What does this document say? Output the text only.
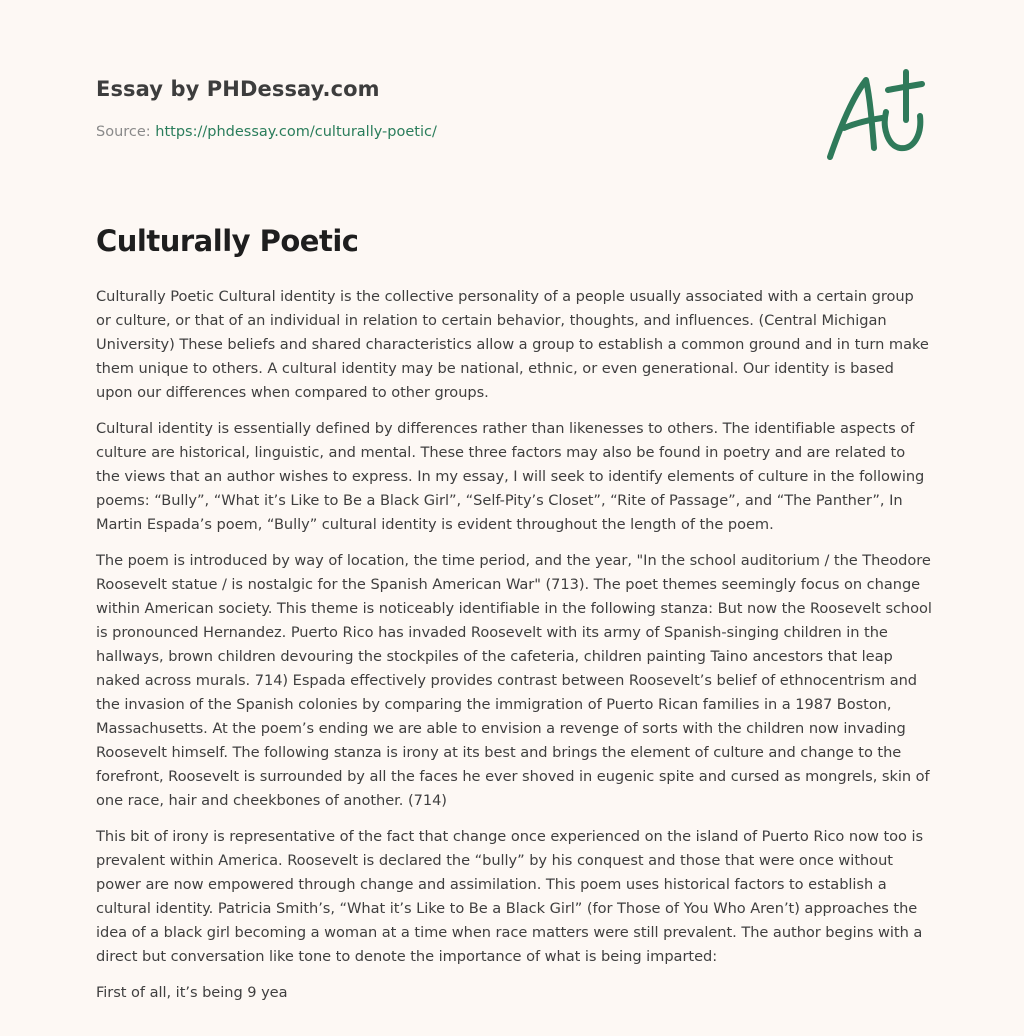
Essay by PHDessay.com
Source: https://phdessay.com/culturally-poetic/
Culturally Poetic

Culturally Poetic Cultural identity is the collective personality of a people usually associated with a certain group or culture, or that of an individual in relation to certain behavior, thoughts, and influences. (Central Michigan University) These beliefs and shared characteristics allow a group to establish a common ground and in turn make them unique to others. A cultural identity may be national, ethnic, or even generational. Our identity is based upon our differences when compared to other groups.

Cultural identity is essentially defined by differences rather than likenesses to others. The identifiable aspects of culture are historical, linguistic, and mental. These three factors may also be found in poetry and are related to the views that an author wishes to express. In my essay, I will seek to identify elements of culture in the following poems: “Bully”, “What it’s Like to Be a Black Girl”, “Self-Pity’s Closet”, “Rite of Passage”, and “The Panther”, In Martin Espada’s poem, “Bully” cultural identity is evident throughout the length of the poem.

The poem is introduced by way of location, the time period, and the year, "In the school auditorium / the Theodore Roosevelt statue / is nostalgic for the Spanish American War" (713). The poet themes seemingly focus on change within American society. This theme is noticeably identifiable in the following stanza: But now the Roosevelt school is pronounced Hernandez. Puerto Rico has invaded Roosevelt with its army of Spanish-singing children in the hallways, brown children devouring the stockpiles of the cafeteria, children painting Taino ancestors that leap naked across murals. 714) Espada effectively provides contrast between Roosevelt’s belief of ethnocentrism and the invasion of the Spanish colonies by comparing the immigration of Puerto Rican families in a 1987 Boston, Massachusetts. At the poem’s ending we are able to envision a revenge of sorts with the children now invading Roosevelt himself. The following stanza is irony at its best and brings the element of culture and change to the forefront, Roosevelt is surrounded by all the faces he ever shoved in eugenic spite and cursed as mongrels, skin of one race, hair and cheekbones of another. (714)

This bit of irony is representative of the fact that change once experienced on the island of Puerto Rico now too is prevalent within America. Roosevelt is declared the “bully” by his conquest and those that were once without power are now empowered through change and assimilation. This poem uses historical factors to establish a cultural identity. Patricia Smith’s, “What it’s Like to Be a Black Girl” (for Those of You Who Aren’t) approaches the idea of a black girl becoming a woman at a time when race matters were still prevalent. The author begins with a direct but conversation like tone to denote the importance of what is being imparted:

First of all, it’s being 9 yea
